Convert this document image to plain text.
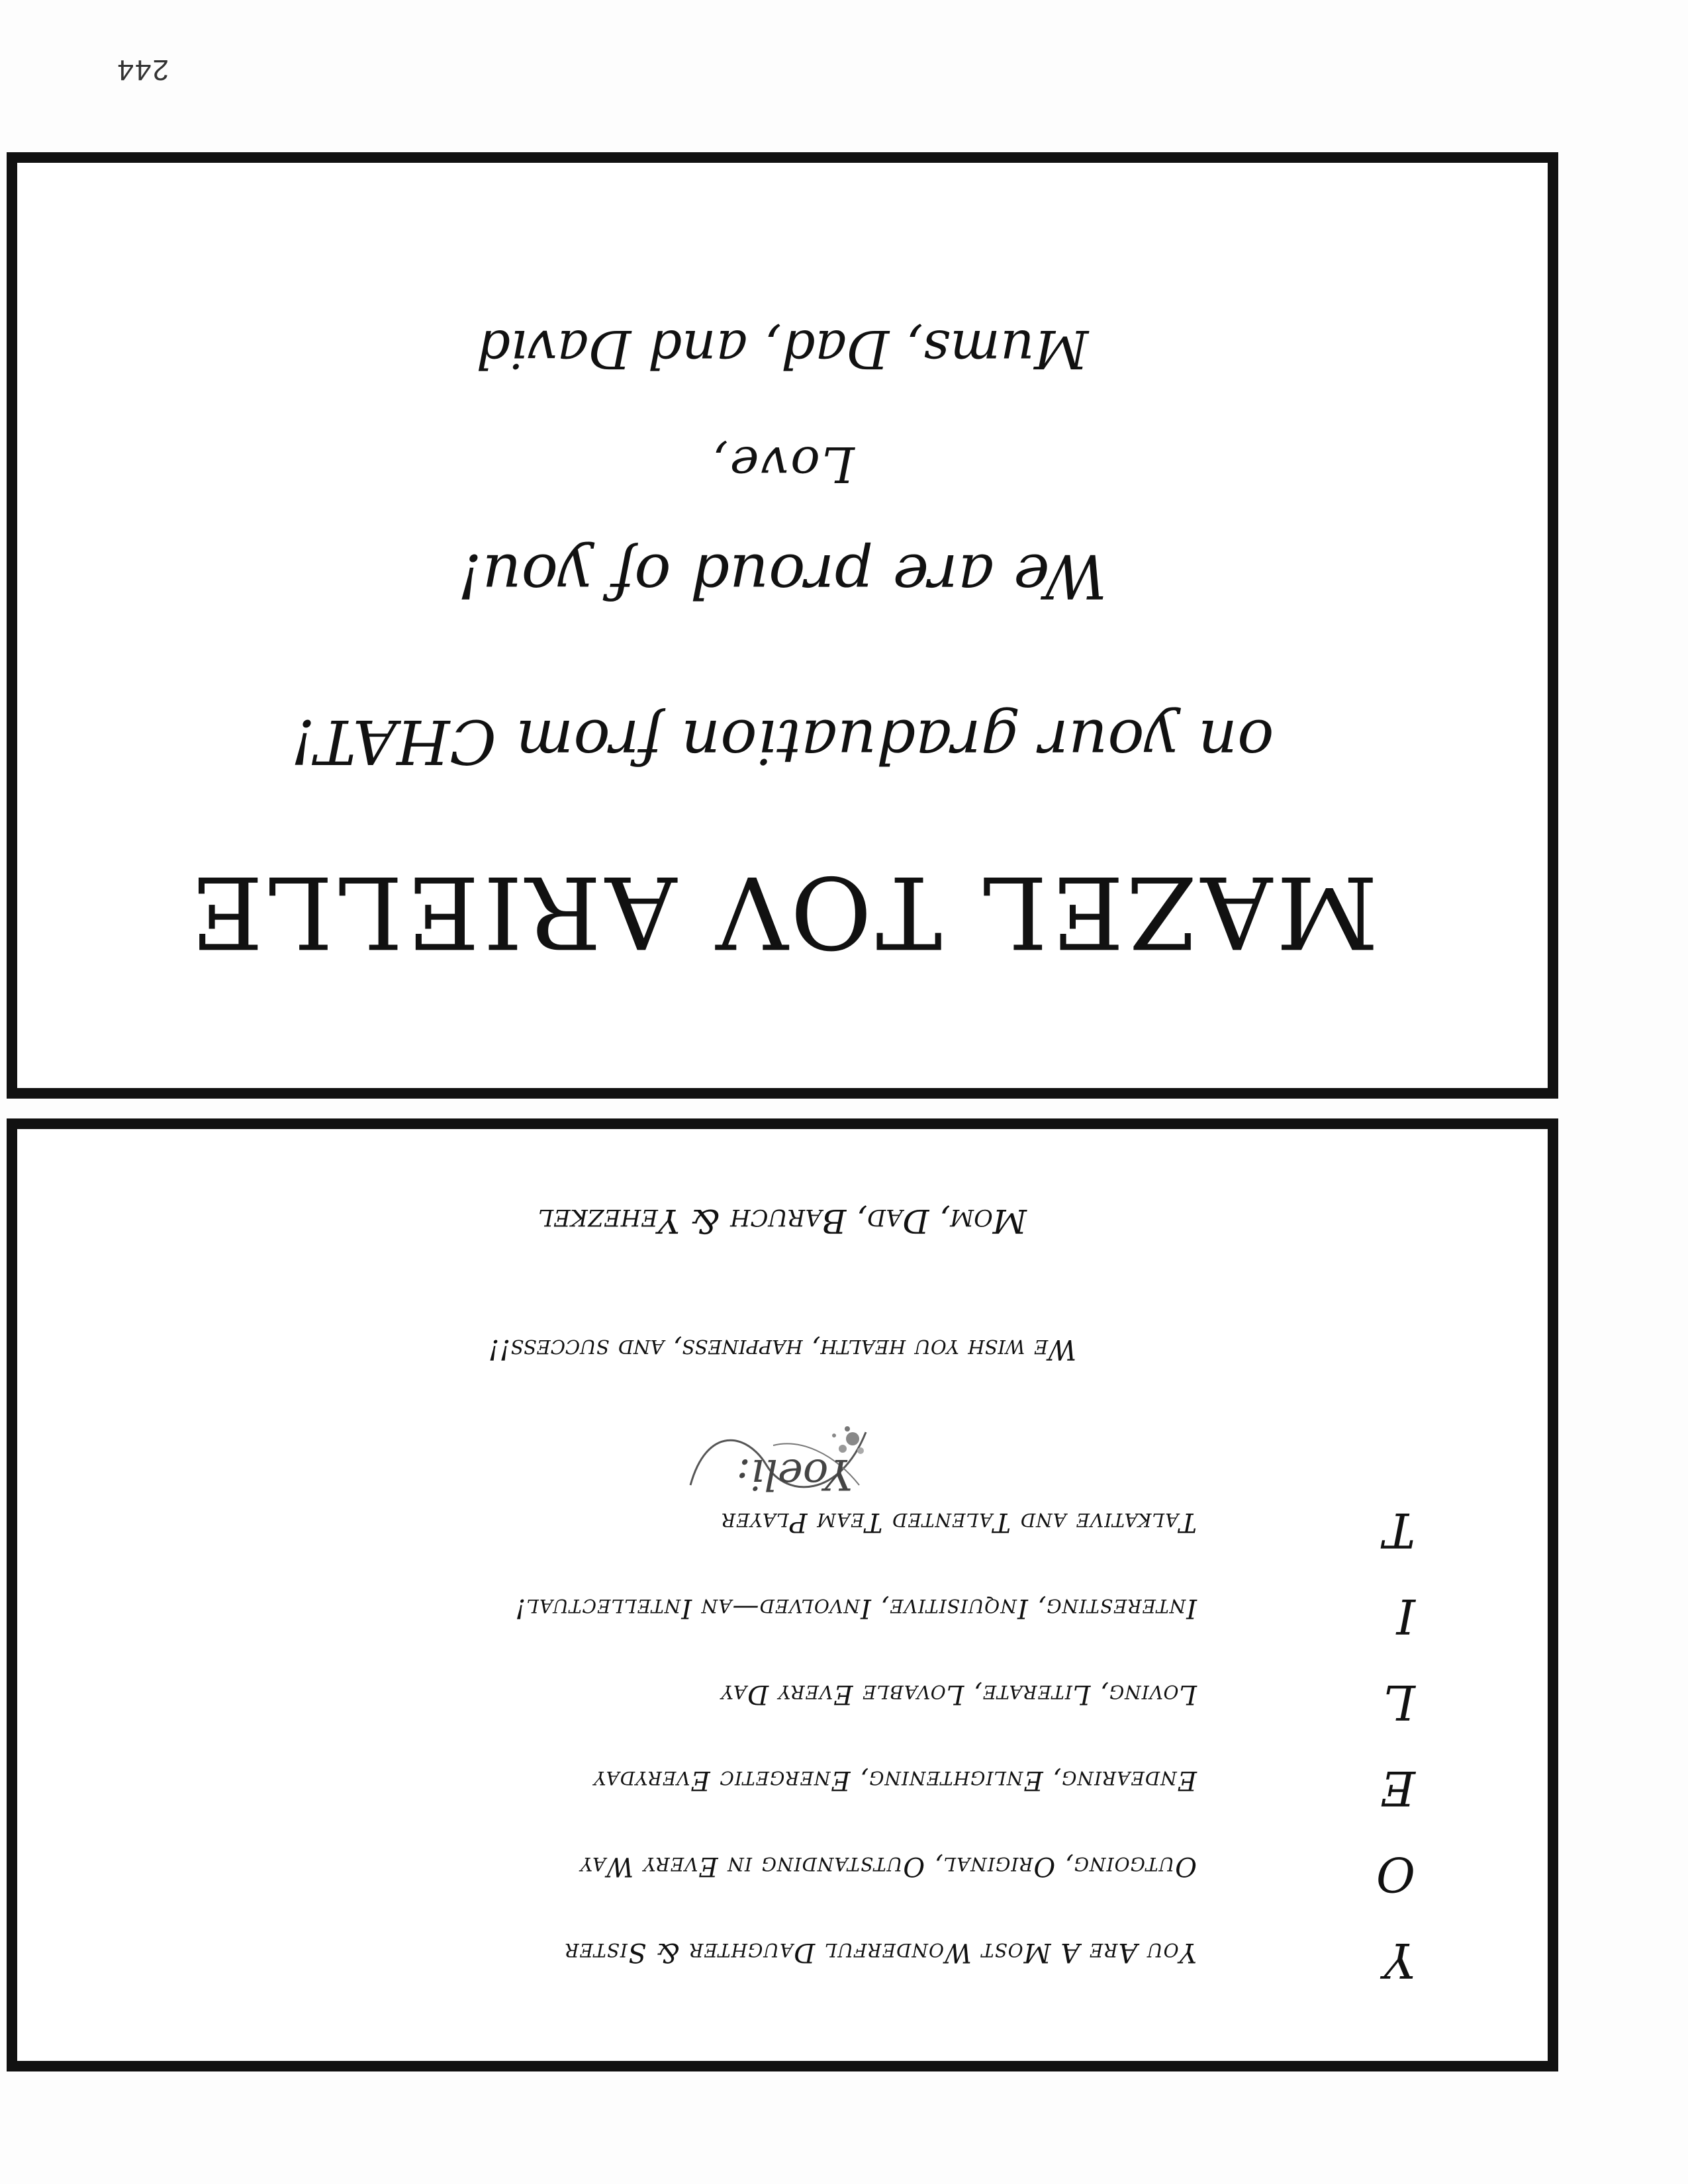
244
Y
You Are A Most Wonderful Daughter & Sister
O
Outgoing, Original, Outstanding in Every Way
E
Endearing, Enlightening, Energetic Everyday
L
Loving, Literate, Lovable Every Day
I
Interesting, Inquisitive, Involved—an Intellectual!
T
Talkative and Talented Team Player
Yoeli:
We wish you health, happiness, and success!!
Mom, Dad, Baruch & Yehezkel
MAZEL TOV ARIELLE
on your graduation from CHAT!
We are proud of you!
Love,
Mums, Dad, and David
